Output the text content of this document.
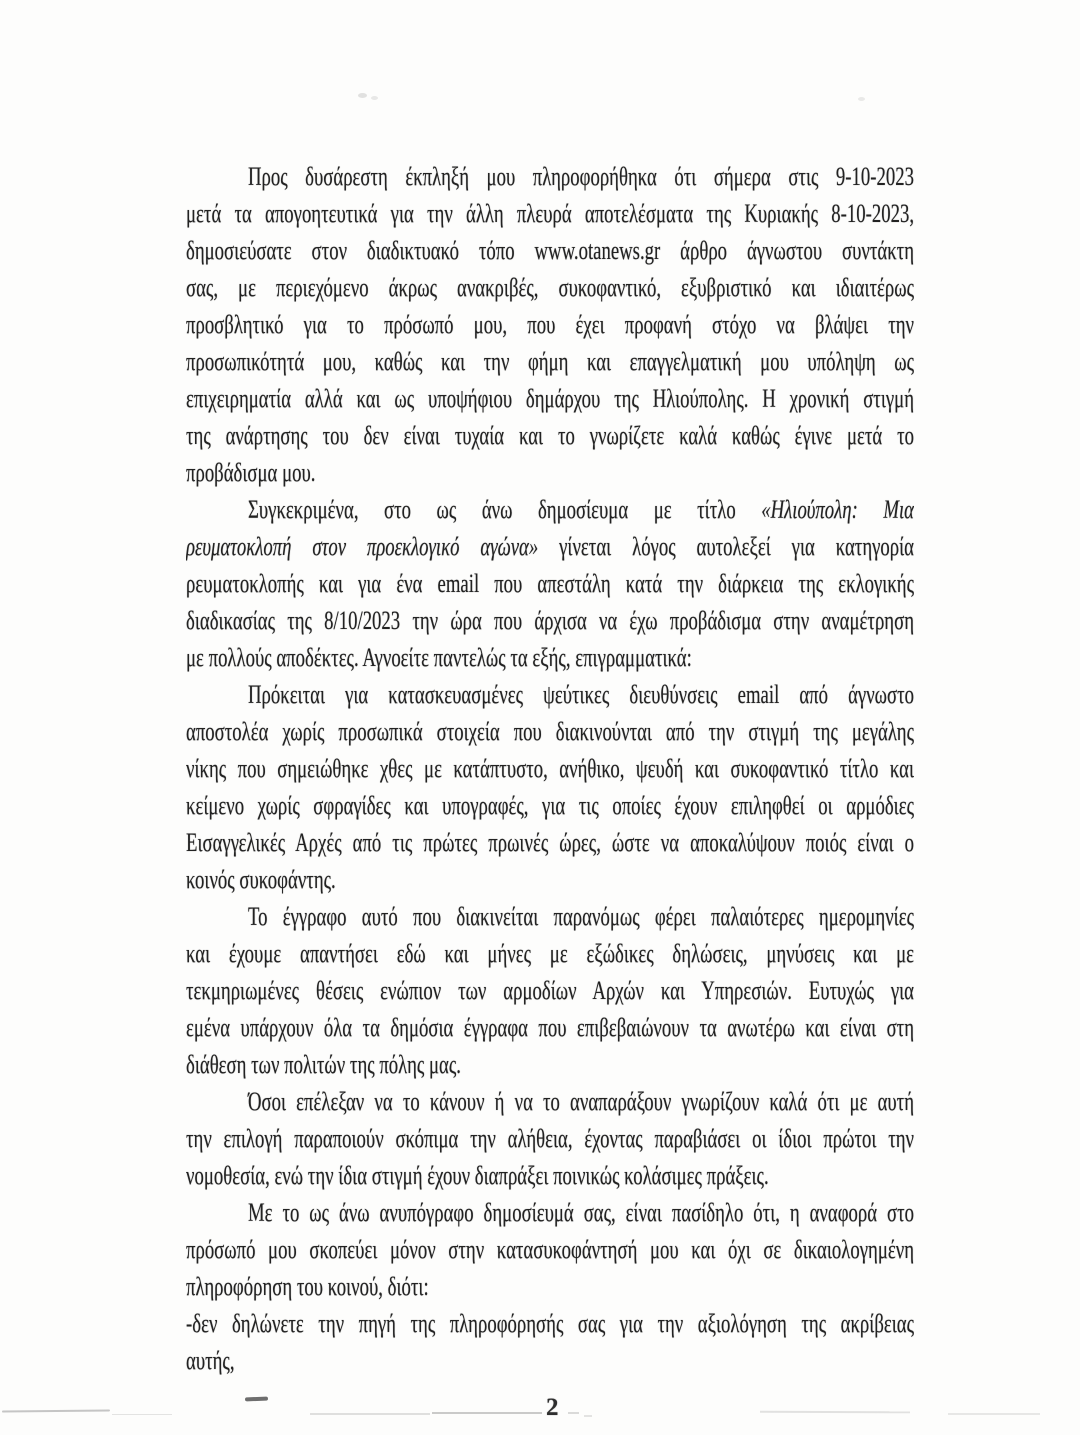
Προς δυσάρεστη έκπληξή μου πληροφορήθηκα ότι σήμερα στις 9-10-2023
μετά τα απογοητευτικά για την άλλη πλευρά αποτελέσματα της Κυριακής 8-10-2023,
δημοσιεύσατε στον διαδικτυακό τόπο www.otanews.gr άρθρο άγνωστου συντάκτη
σας, με περιεχόμενο άκρως ανακριβές, συκοφαντικό, εξυβριστικό και ιδιαιτέρως
προσβλητικό για το πρόσωπό μου, που έχει προφανή στόχο να βλάψει την
προσωπικότητά μου, καθώς και την φήμη και επαγγελματική μου υπόληψη ως
επιχειρηματία αλλά και ως υποψήφιου δημάρχου της Ηλιούπολης. Η χρονική στιγμή
της ανάρτησης του δεν είναι τυχαία και το γνωρίζετε καλά καθώς έγινε μετά το
προβάδισμα μου.
Συγκεκριμένα, στο ως άνω δημοσίευμα με τίτλο «Ηλιούπολη: Μια
ρευματοκλοπή στον προεκλογικό αγώνα» γίνεται λόγος αυτολεξεί για κατηγορία
ρευματοκλοπής και για ένα email που απεστάλη κατά την διάρκεια της εκλογικής
διαδικασίας της 8/10/2023 την ώρα που άρχισα να έχω προβάδισμα στην αναμέτρηση
με πολλούς αποδέκτες. Αγνοείτε παντελώς τα εξής, επιγραμματικά:
Πρόκειται για κατασκευασμένες ψεύτικες διευθύνσεις email από άγνωστο
αποστολέα χωρίς προσωπικά στοιχεία που διακινούνται από την στιγμή της μεγάλης
νίκης που σημειώθηκε χθες με κατάπτυστο, ανήθικο, ψευδή και συκοφαντικό τίτλο και
κείμενο χωρίς σφραγίδες και υπογραφές, για τις οποίες έχουν επιληφθεί οι αρμόδιες
Εισαγγελικές Αρχές από τις πρώτες πρωινές ώρες, ώστε να αποκαλύψουν ποιός είναι ο
κοινός συκοφάντης.
Το έγγραφο αυτό που διακινείται παρανόμως φέρει παλαιότερες ημερομηνίες
και έχουμε απαντήσει εδώ και μήνες με εξώδικες δηλώσεις, μηνύσεις και με
τεκμηριωμένες θέσεις ενώπιον των αρμοδίων Αρχών και Υπηρεσιών. Ευτυχώς για
εμένα υπάρχουν όλα τα δημόσια έγγραφα που επιβεβαιώνουν τα ανωτέρω και είναι στη
διάθεση των πολιτών της πόλης μας.
Όσοι επέλεξαν να το κάνουν ή να το αναπαράξουν γνωρίζουν καλά ότι με αυτή
την επιλογή παραποιούν σκόπιμα την αλήθεια, έχοντας παραβιάσει οι ίδιοι πρώτοι την
νομοθεσία, ενώ την ίδια στιγμή έχουν διαπράξει ποινικώς κολάσιμες πράξεις.
Με το ως άνω ανυπόγραφο δημοσίευμά σας, είναι πασίδηλο ότι, η αναφορά στο
πρόσωπό μου σκοπεύει μόνον στην κατασυκοφάντησή μου και όχι σε δικαιολογημένη
πληροφόρηση του κοινού, διότι:
-δεν δηλώνετε την πηγή της πληροφόρησής σας για την αξιολόγηση της ακρίβειας
αυτής,
2
